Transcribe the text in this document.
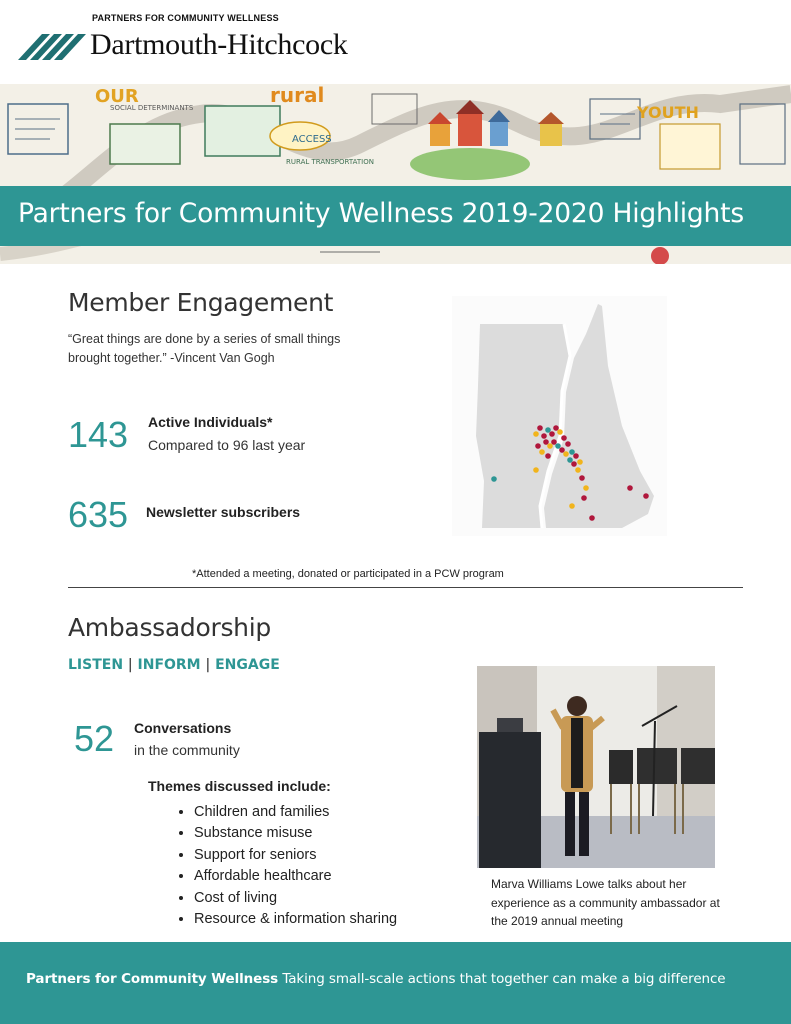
PARTNERS FOR COMMUNITY WELLNESS
Dartmouth-Hitchcock
OUR	rural
YOUTH
ACCESS
RURAL TRANSPORTATION
SOCIAL DETERMINANTS
Partners for Community Wellness 2019-2020 Highlights
Member Engagement
“Great things are done by a series of small things brought together.” -Vincent Van Gogh
143 Active Individuals*
Compared to 96 last year
635 Newsletter subscribers
*Attended a meeting, donated or participated in a PCW program
Ambassadorship
LISTEN | INFORM | ENGAGE
52 Conversations
in the community
Themes discussed include:
• Children and families
• Substance misuse
• Support for seniors
• Affordable healthcare
• Cost of living
• Resource & information sharing
Marva Williams Lowe talks about her experience as a community ambassador at the 2019 annual meeting
Partners for Community Wellness Taking small-scale actions that together can make a big difference
